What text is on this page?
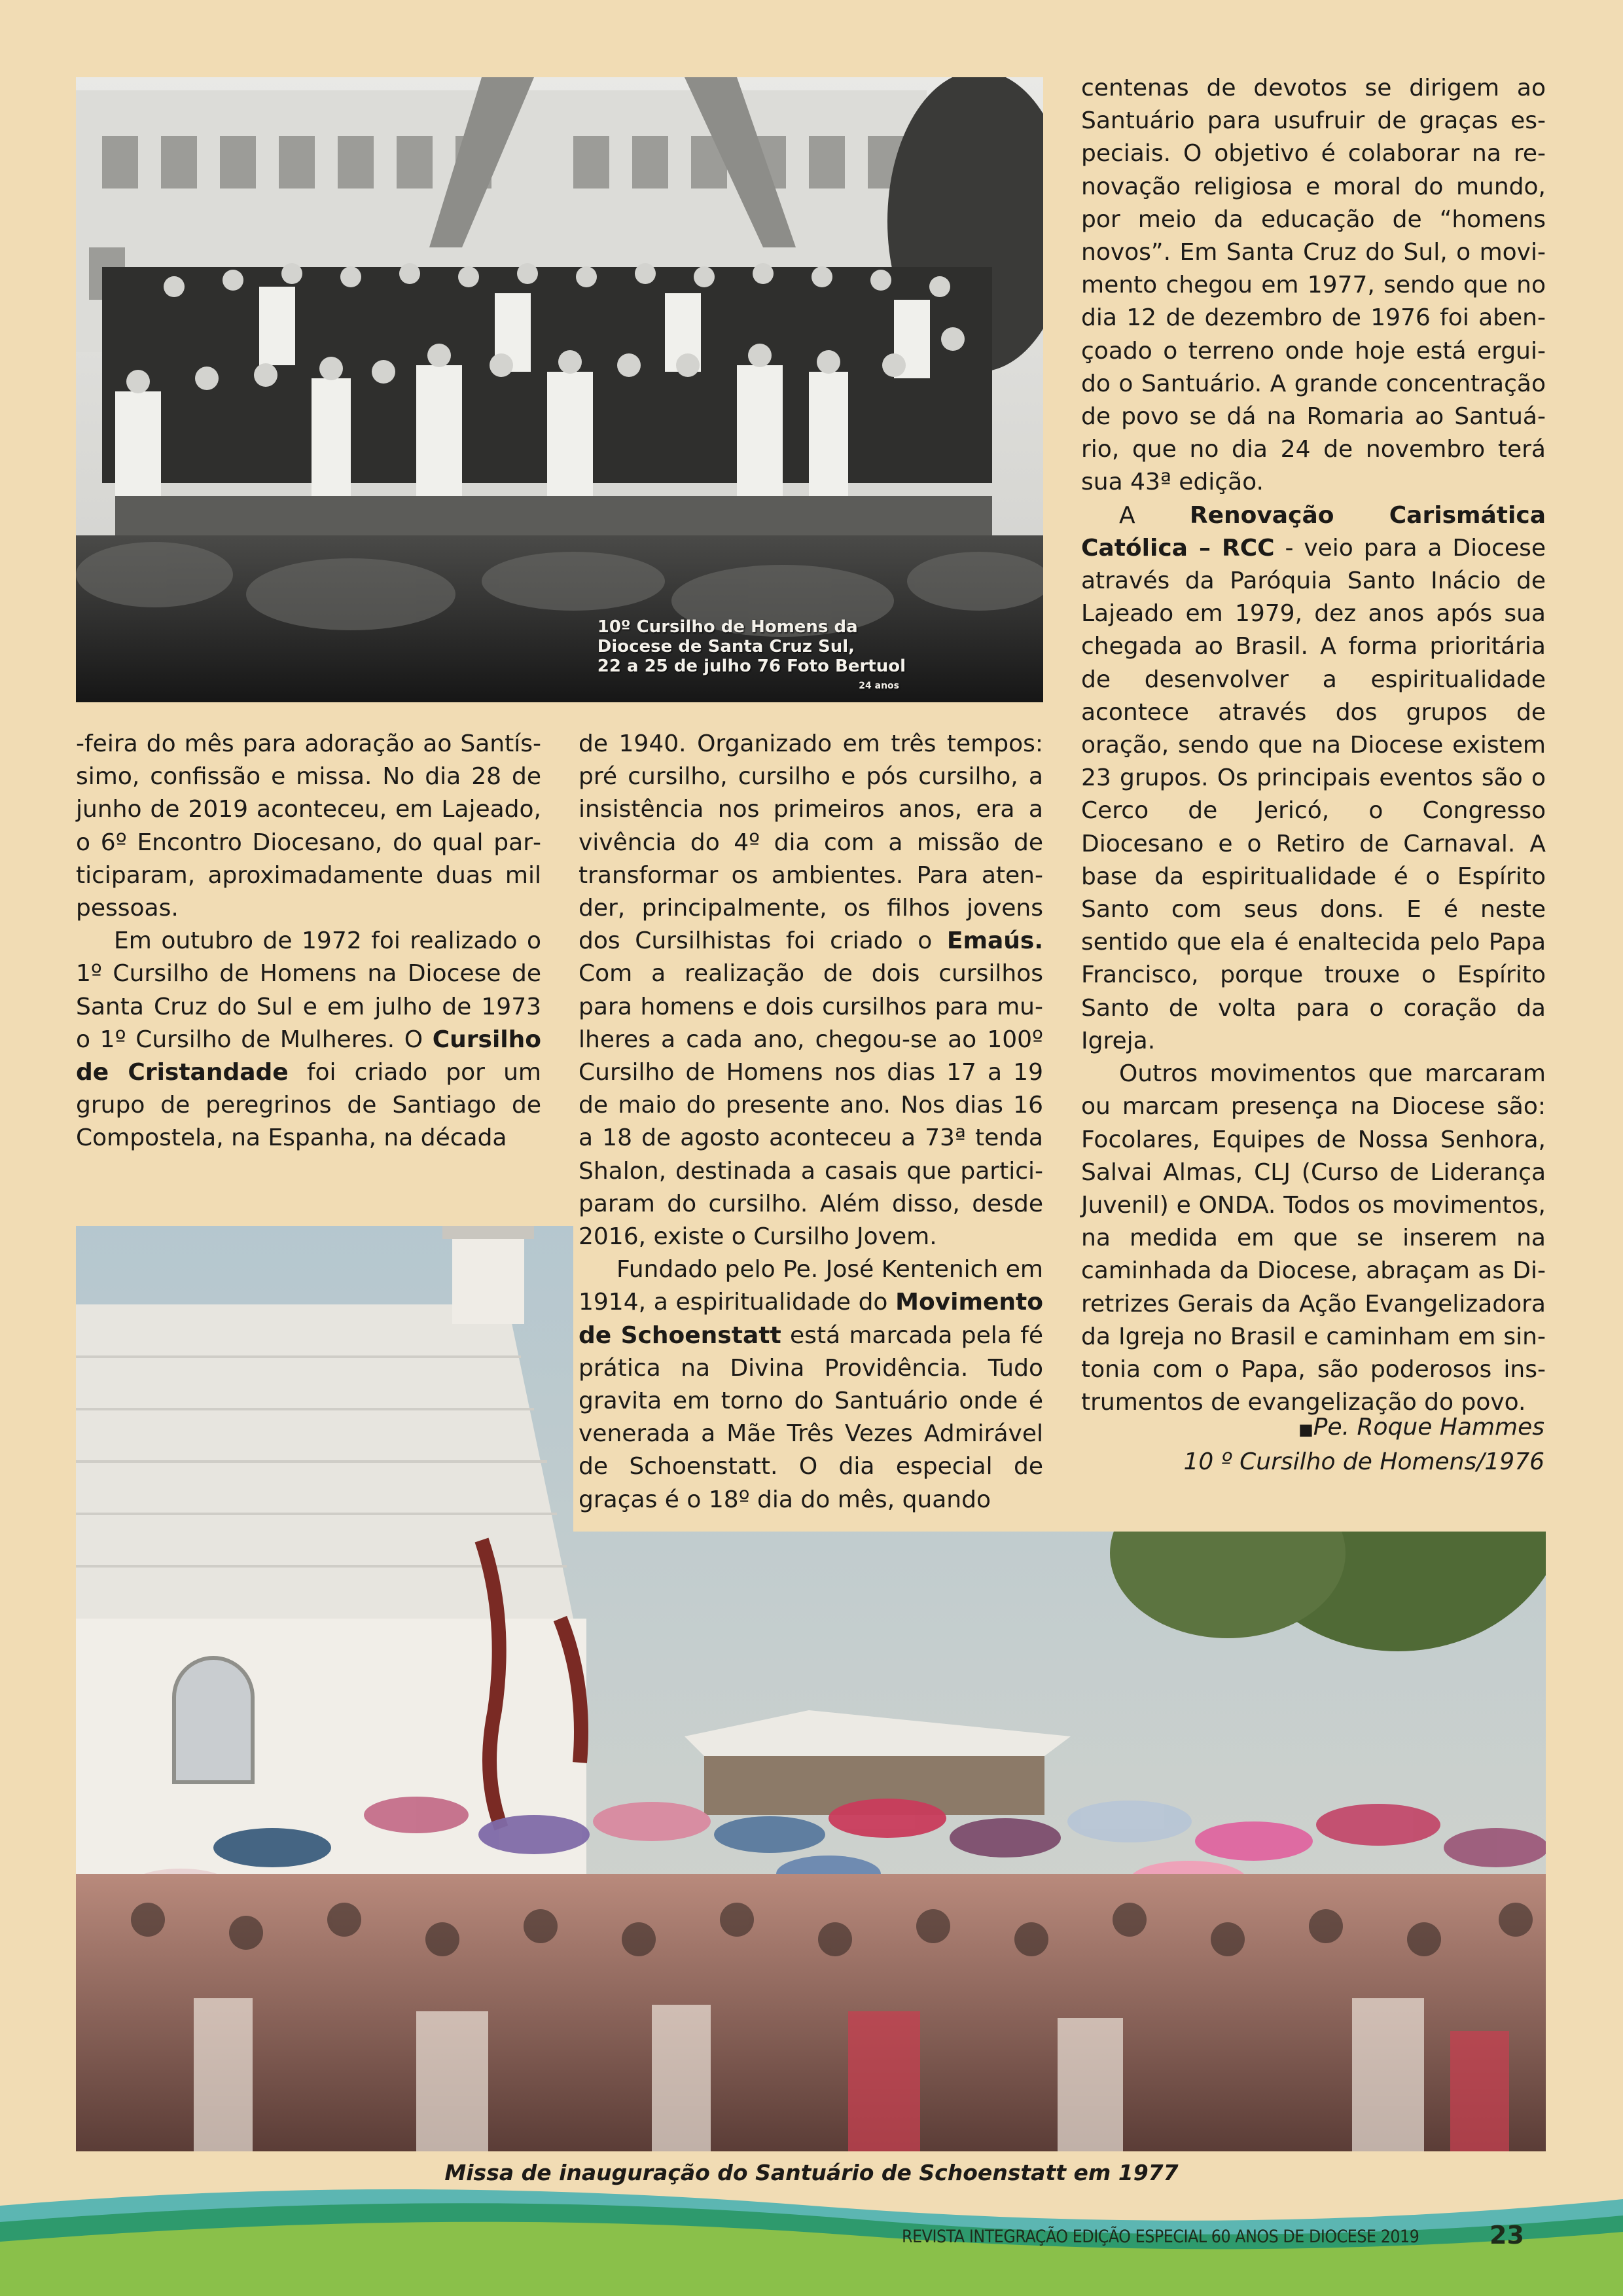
10º Cursilho de Homens da
Diocese de Santa Cruz Sul,
22 a 25 de julho 76 Foto Bertuol
24 anos

-feira do mês para adoração ao Santíssimo, confissão e missa. No dia 28 de junho de 2019 aconteceu, em Lajeado, o 6º Encontro Diocesano, do qual participaram, aproximadamente duas mil pessoas.

Em outubro de 1972 foi realizado o 1º Cursilho de Homens na Diocese de Santa Cruz do Sul e em julho de 1973 o 1º Cursilho de Mulheres. O Cursilho de Cristandade foi criado por um grupo de peregrinos de Santiago de Compostela, na Espanha, na década

de 1940. Organizado em três tempos: pré cursilho, cursilho e pós cursilho, a insistência nos primeiros anos, era a vivência do 4º dia com a missão de transformar os ambientes. Para atender, principalmente, os filhos jovens dos Cursilhistas foi criado o Emaús. Com a realização de dois cursilhos para homens e dois cursilhos para mulheres a cada ano, chegou-se ao 100º Cursilho de Homens nos dias 17 a 19 de maio do presente ano. Nos dias 16 a 18 de agosto aconteceu a 73ª tenda Shalon, destinada a casais que participaram do cursilho. Além disso, desde 2016, existe o Cursilho Jovem.

Fundado pelo Pe. José Kentenich em 1914, a espiritualidade do Movimento de Schoenstatt está marcada pela fé prática na Divina Providência. Tudo gravita em torno do Santuário onde é venerada a Mãe Três Vezes Admirável de Schoenstatt. O dia especial de graças é o 18º dia do mês, quando

centenas de devotos se dirigem ao Santuário para usufruir de graças especiais. O objetivo é colaborar na renovação religiosa e moral do mundo, por meio da educação de “homens novos”. Em Santa Cruz do Sul, o movimento chegou em 1977, sendo que no dia 12 de dezembro de 1976 foi abençoado o terreno onde hoje está erguido o Santuário. A grande concentração de povo se dá na Romaria ao Santuário, que no dia 24 de novembro terá sua 43ª edição.

A Renovação Carismática Católica – RCC - veio para a Diocese através da Paróquia Santo Inácio de Lajeado em 1979, dez anos após sua chegada ao Brasil. A forma prioritária de desenvolver a espiritualidade acontece através dos grupos de oração, sendo que na Diocese existem 23 grupos. Os principais eventos são o Cerco de Jericó, o Congresso Diocesano e o Retiro de Carnaval. A base da espiritualidade é o Espírito Santo com seus dons. E é neste sentido que ela é enaltecida pelo Papa Francisco, porque trouxe o Espírito Santo de volta para o coração da Igreja.

Outros movimentos que marcaram ou marcam presença na Diocese são: Focolares, Equipes de Nossa Senhora, Salvai Almas, CLJ (Curso de Liderança Juvenil) e ONDA. Todos os movimentos, na medida em que se inserem na caminhada da Diocese, abraçam as Diretrizes Gerais da Ação Evangelizadora da Igreja no Brasil e caminham em sintonia com o Papa, são poderosos instrumentos de evangelização do povo.

■Pe. Roque Hammes
10 º Cursilho de Homens/1976
Missa de inauguração do Santuário de Schoenstatt em 1977
REVISTA INTEGRAÇÃO EDIÇÃO ESPECIAL 60 ANOS DE DIOCESE 2019	23
